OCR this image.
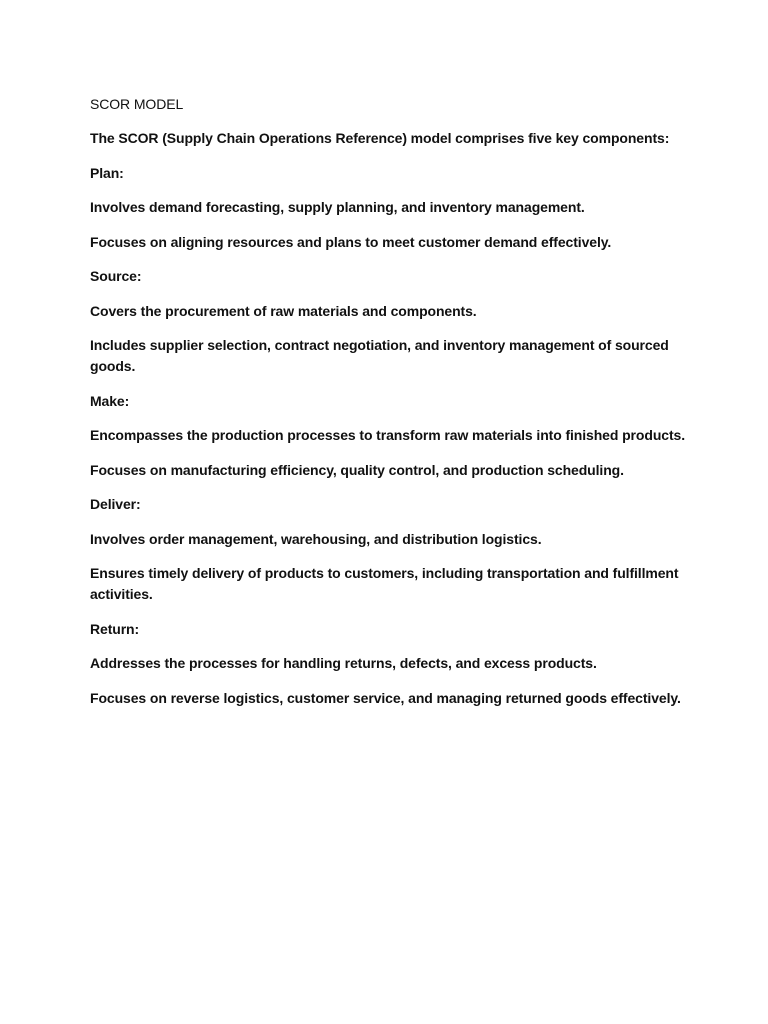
SCOR MODEL

The SCOR (Supply Chain Operations Reference) model comprises five key components:

Plan:

Involves demand forecasting, supply planning, and inventory management.

Focuses on aligning resources and plans to meet customer demand effectively.

Source:

Covers the procurement of raw materials and components.

Includes supplier selection, contract negotiation, and inventory management of sourced goods.

Make:

Encompasses the production processes to transform raw materials into finished products.

Focuses on manufacturing efficiency, quality control, and production scheduling.

Deliver:

Involves order management, warehousing, and distribution logistics.

Ensures timely delivery of products to customers, including transportation and fulfillment activities.

Return:

Addresses the processes for handling returns, defects, and excess products.

Focuses on reverse logistics, customer service, and managing returned goods effectively.
